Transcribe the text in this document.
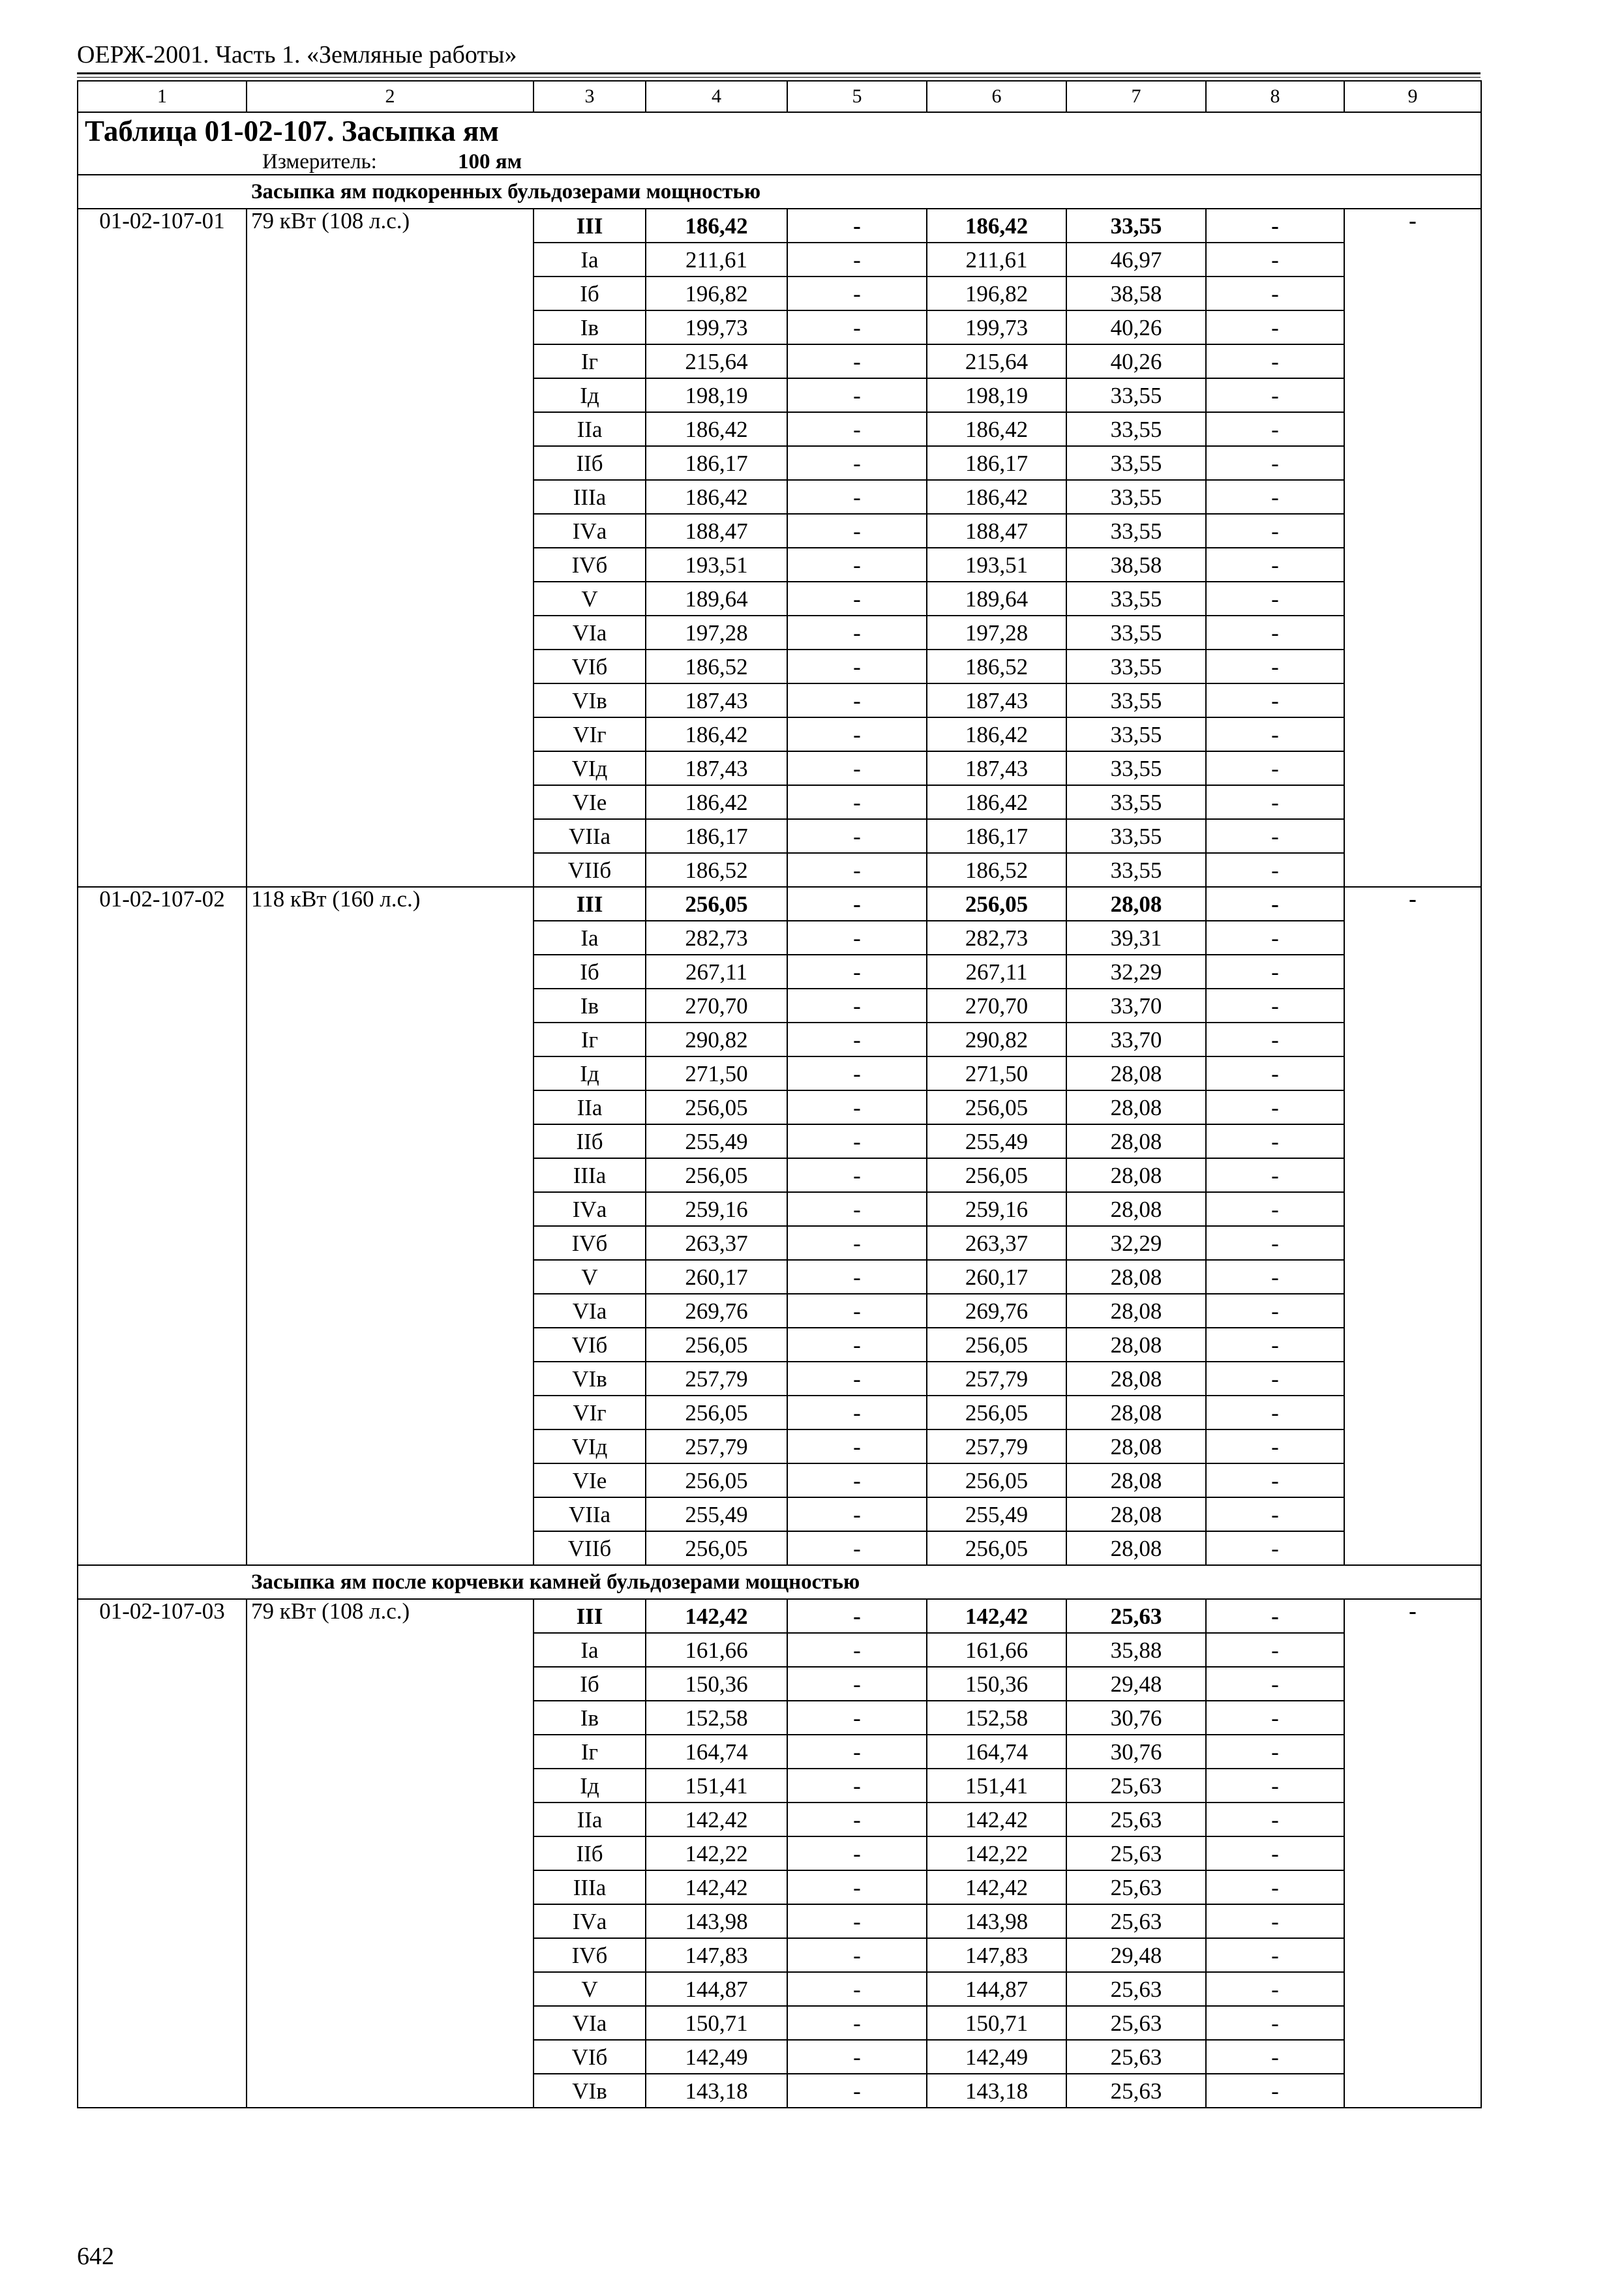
ОЕРЖ-2001. Часть 1. «Земляные работы»
1	2	3	4	5	6	7	8	9
Таблица 01-02-107. Засыпка ям								
Измеритель: 100 ям								
Засыпка ям подкоренных бульдозерами мощностью								
01-02-107-01	79 кВт (108 л.с.)	III	186,42	-	186,42	33,55	-	-
		Iа	211,61	-	211,61	46,97	-	
		Iб	196,82	-	196,82	38,58	-	
		Iв	199,73	-	199,73	40,26	-	
		Iг	215,64	-	215,64	40,26	-	
		Iд	198,19	-	198,19	33,55	-	
		IIа	186,42	-	186,42	33,55	-	
		IIб	186,17	-	186,17	33,55	-	
		IIIа	186,42	-	186,42	33,55	-	
		IVа	188,47	-	188,47	33,55	-	
		IVб	193,51	-	193,51	38,58	-	
		V	189,64	-	189,64	33,55	-	
		VIа	197,28	-	197,28	33,55	-	
		VIб	186,52	-	186,52	33,55	-	
		VIв	187,43	-	187,43	33,55	-	
		VIг	186,42	-	186,42	33,55	-	
		VIд	187,43	-	187,43	33,55	-	
		VIе	186,42	-	186,42	33,55	-	
		VIIа	186,17	-	186,17	33,55	-	
		VIIб	186,52	-	186,52	33,55	-	
01-02-107-02	118 кВт (160 л.с.)	III	256,05	-	256,05	28,08	-	-
		Iа	282,73	-	282,73	39,31	-	
		Iб	267,11	-	267,11	32,29	-	
		Iв	270,70	-	270,70	33,70	-	
		Iг	290,82	-	290,82	33,70	-	
		Iд	271,50	-	271,50	28,08	-	
		IIа	256,05	-	256,05	28,08	-	
		IIб	255,49	-	255,49	28,08	-	
		IIIа	256,05	-	256,05	28,08	-	
		IVа	259,16	-	259,16	28,08	-	
		IVб	263,37	-	263,37	32,29	-	
		V	260,17	-	260,17	28,08	-	
		VIа	269,76	-	269,76	28,08	-	
		VIб	256,05	-	256,05	28,08	-	
		VIв	257,79	-	257,79	28,08	-	
		VIг	256,05	-	256,05	28,08	-	
		VIд	257,79	-	257,79	28,08	-	
		VIе	256,05	-	256,05	28,08	-	
		VIIа	255,49	-	255,49	28,08	-	
		VIIб	256,05	-	256,05	28,08	-	
Засыпка ям после корчевки камней бульдозерами мощностью								
01-02-107-03	79 кВт (108 л.с.)	III	142,42	-	142,42	25,63	-	-
		Iа	161,66	-	161,66	35,88	-	
		Iб	150,36	-	150,36	29,48	-	
		Iв	152,58	-	152,58	30,76	-	
		Iг	164,74	-	164,74	30,76	-	
		Iд	151,41	-	151,41	25,63	-	
		IIа	142,42	-	142,42	25,63	-	
		IIб	142,22	-	142,22	25,63	-	
		IIIа	142,42	-	142,42	25,63	-	
		IVа	143,98	-	143,98	25,63	-	
		IVб	147,83	-	147,83	29,48	-	
		V	144,87	-	144,87	25,63	-	
		VIа	150,71	-	150,71	25,63	-	
		VIб	142,49	-	142,49	25,63	-	
		VIв	143,18	-	143,18	25,63	-	
642
